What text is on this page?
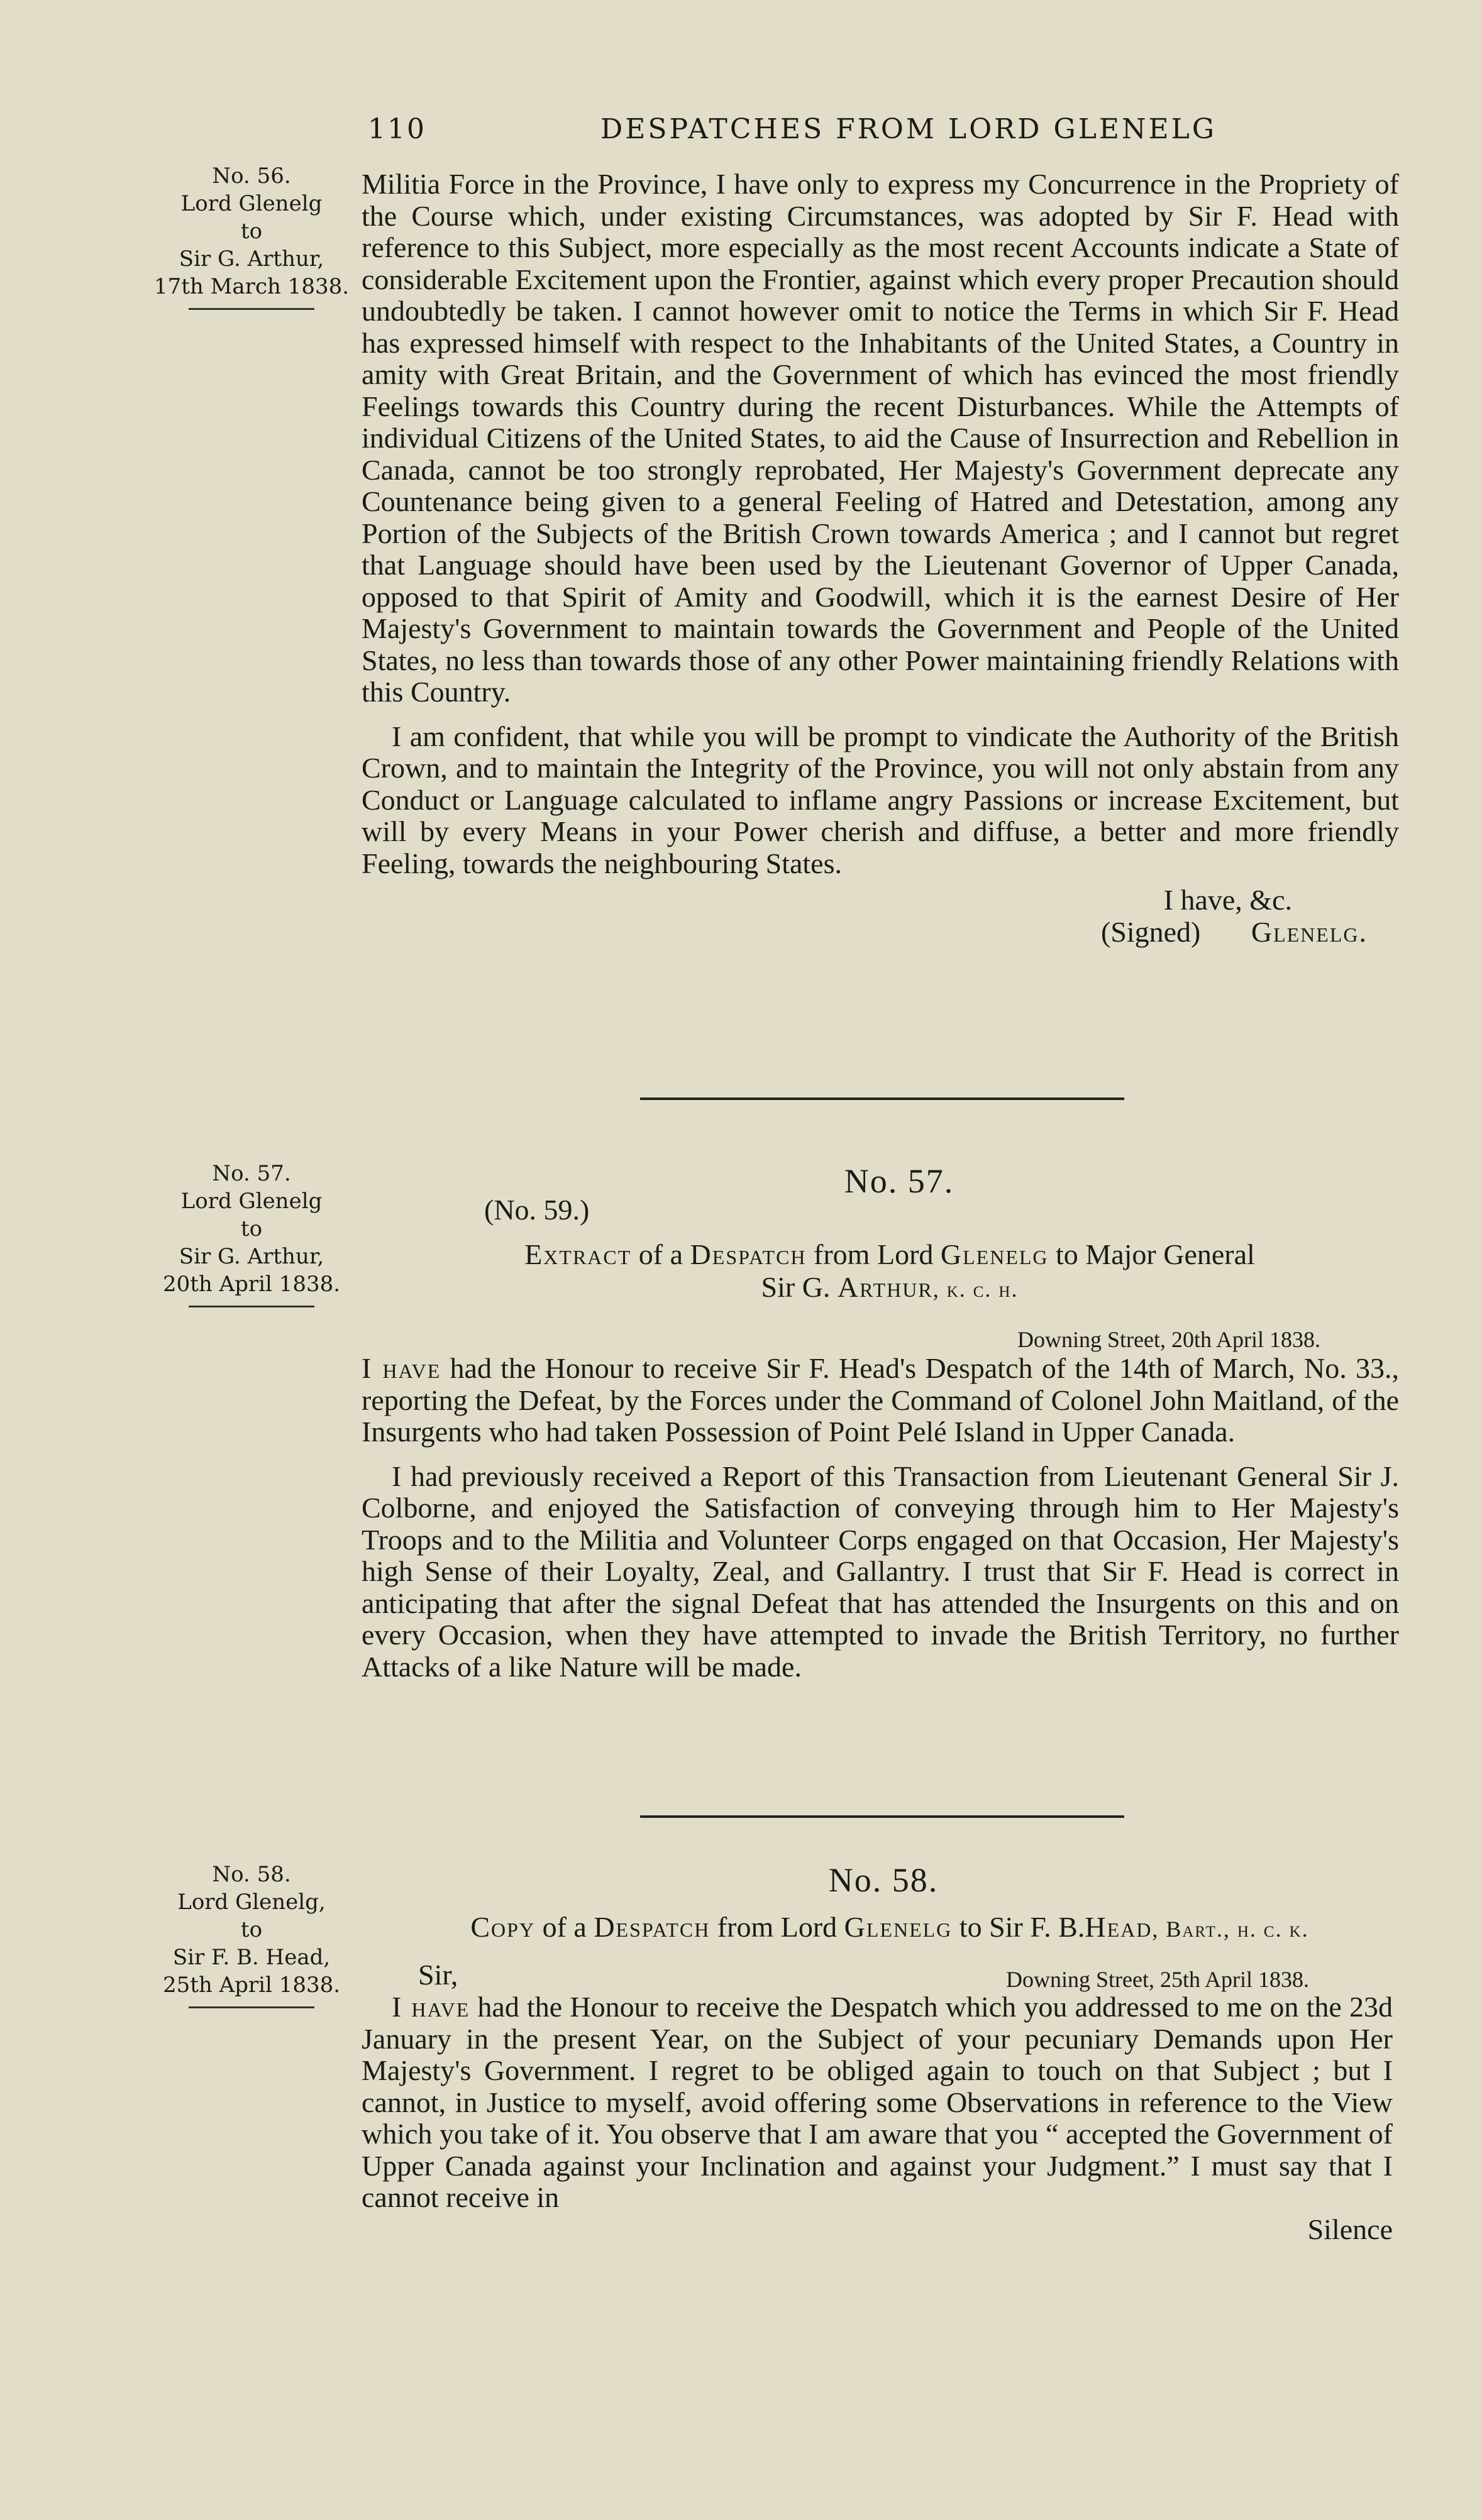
110	DESPATCHES FROM LORD GLENELG
No. 56.
Lord Glenelg
to
Sir G. Arthur,
17th March 1838.

Militia Force in the Province, I have only to express my Concurrence in the Propriety of the Course which, under existing Circumstances, was adopted by Sir F. Head with reference to this Subject, more especially as the most recent Accounts indicate a State of considerable Excitement upon the Frontier, against which every proper Precaution should undoubtedly be taken. I cannot however omit to notice the Terms in which Sir F. Head has expressed himself with respect to the Inhabitants of the United States, a Country in amity with Great Britain, and the Government of which has evinced the most friendly Feelings towards this Country during the recent Disturbances. While the Attempts of individual Citizens of the United States, to aid the Cause of Insurrection and Rebellion in Canada, cannot be too strongly reprobated, Her Majesty's Government deprecate any Countenance being given to a general Feeling of Hatred and Detestation, among any Portion of the Subjects of the British Crown towards America ; and I cannot but regret that Language should have been used by the Lieutenant Governor of Upper Canada, opposed to that Spirit of Amity and Goodwill, which it is the earnest Desire of Her Majesty's Government to maintain towards the Government and People of the United States, no less than towards those of any other Power maintaining friendly Relations with this Country.

I am confident, that while you will be prompt to vindicate the Authority of the British Crown, and to maintain the Integrity of the Province, you will not only abstain from any Conduct or Language calculated to inflame angry Passions or increase Excitement, but will by every Means in your Power cherish and diffuse, a better and more friendly Feeling, towards the neighbouring States.

I have, &c.

(Signed) Glenelg.

No. 57.
Lord Glenelg
to
Sir G. Arthur,
20th April 1838.
No. 57.
(No. 59.)
Extract of a Despatch from Lord Glenelg to Major General
Sir G. Arthur, k. c. h.
Downing Street, 20th April 1838.

I have had the Honour to receive Sir F. Head's Despatch of the 14th of March, No. 33., reporting the Defeat, by the Forces under the Command of Colonel John Maitland, of the Insurgents who had taken Possession of Point Pelé Island in Upper Canada.

I had previously received a Report of this Transaction from Lieutenant General Sir J. Colborne, and enjoyed the Satisfaction of conveying through him to Her Majesty's Troops and to the Militia and Volunteer Corps engaged on that Occasion, Her Majesty's high Sense of their Loyalty, Zeal, and Gallantry. I trust that Sir F. Head is correct in anticipating that after the signal Defeat that has attended the Insurgents on this and on every Occasion, when they have attempted to invade the British Territory, no further Attacks of a like Nature will be made.

No. 58.
Lord Glenelg,
to
Sir F. B. Head,
25th April 1838.
No. 58.
Copy of a Despatch from Lord Glenelg to Sir F. B.Head, Bart., h. c. k.
Sir,	Downing Street, 25th April 1838.

I have had the Honour to receive the Despatch which you addressed to me on the 23d January in the present Year, on the Subject of your pecuniary Demands upon Her Majesty's Government. I regret to be obliged again to touch on that Subject ; but I cannot, in Justice to myself, avoid offering some Observations in reference to the View which you take of it. You observe that I am aware that you “ accepted the Government of Upper Canada against your Inclination and against your Judgment.” I must say that I cannot receive in

Silence
